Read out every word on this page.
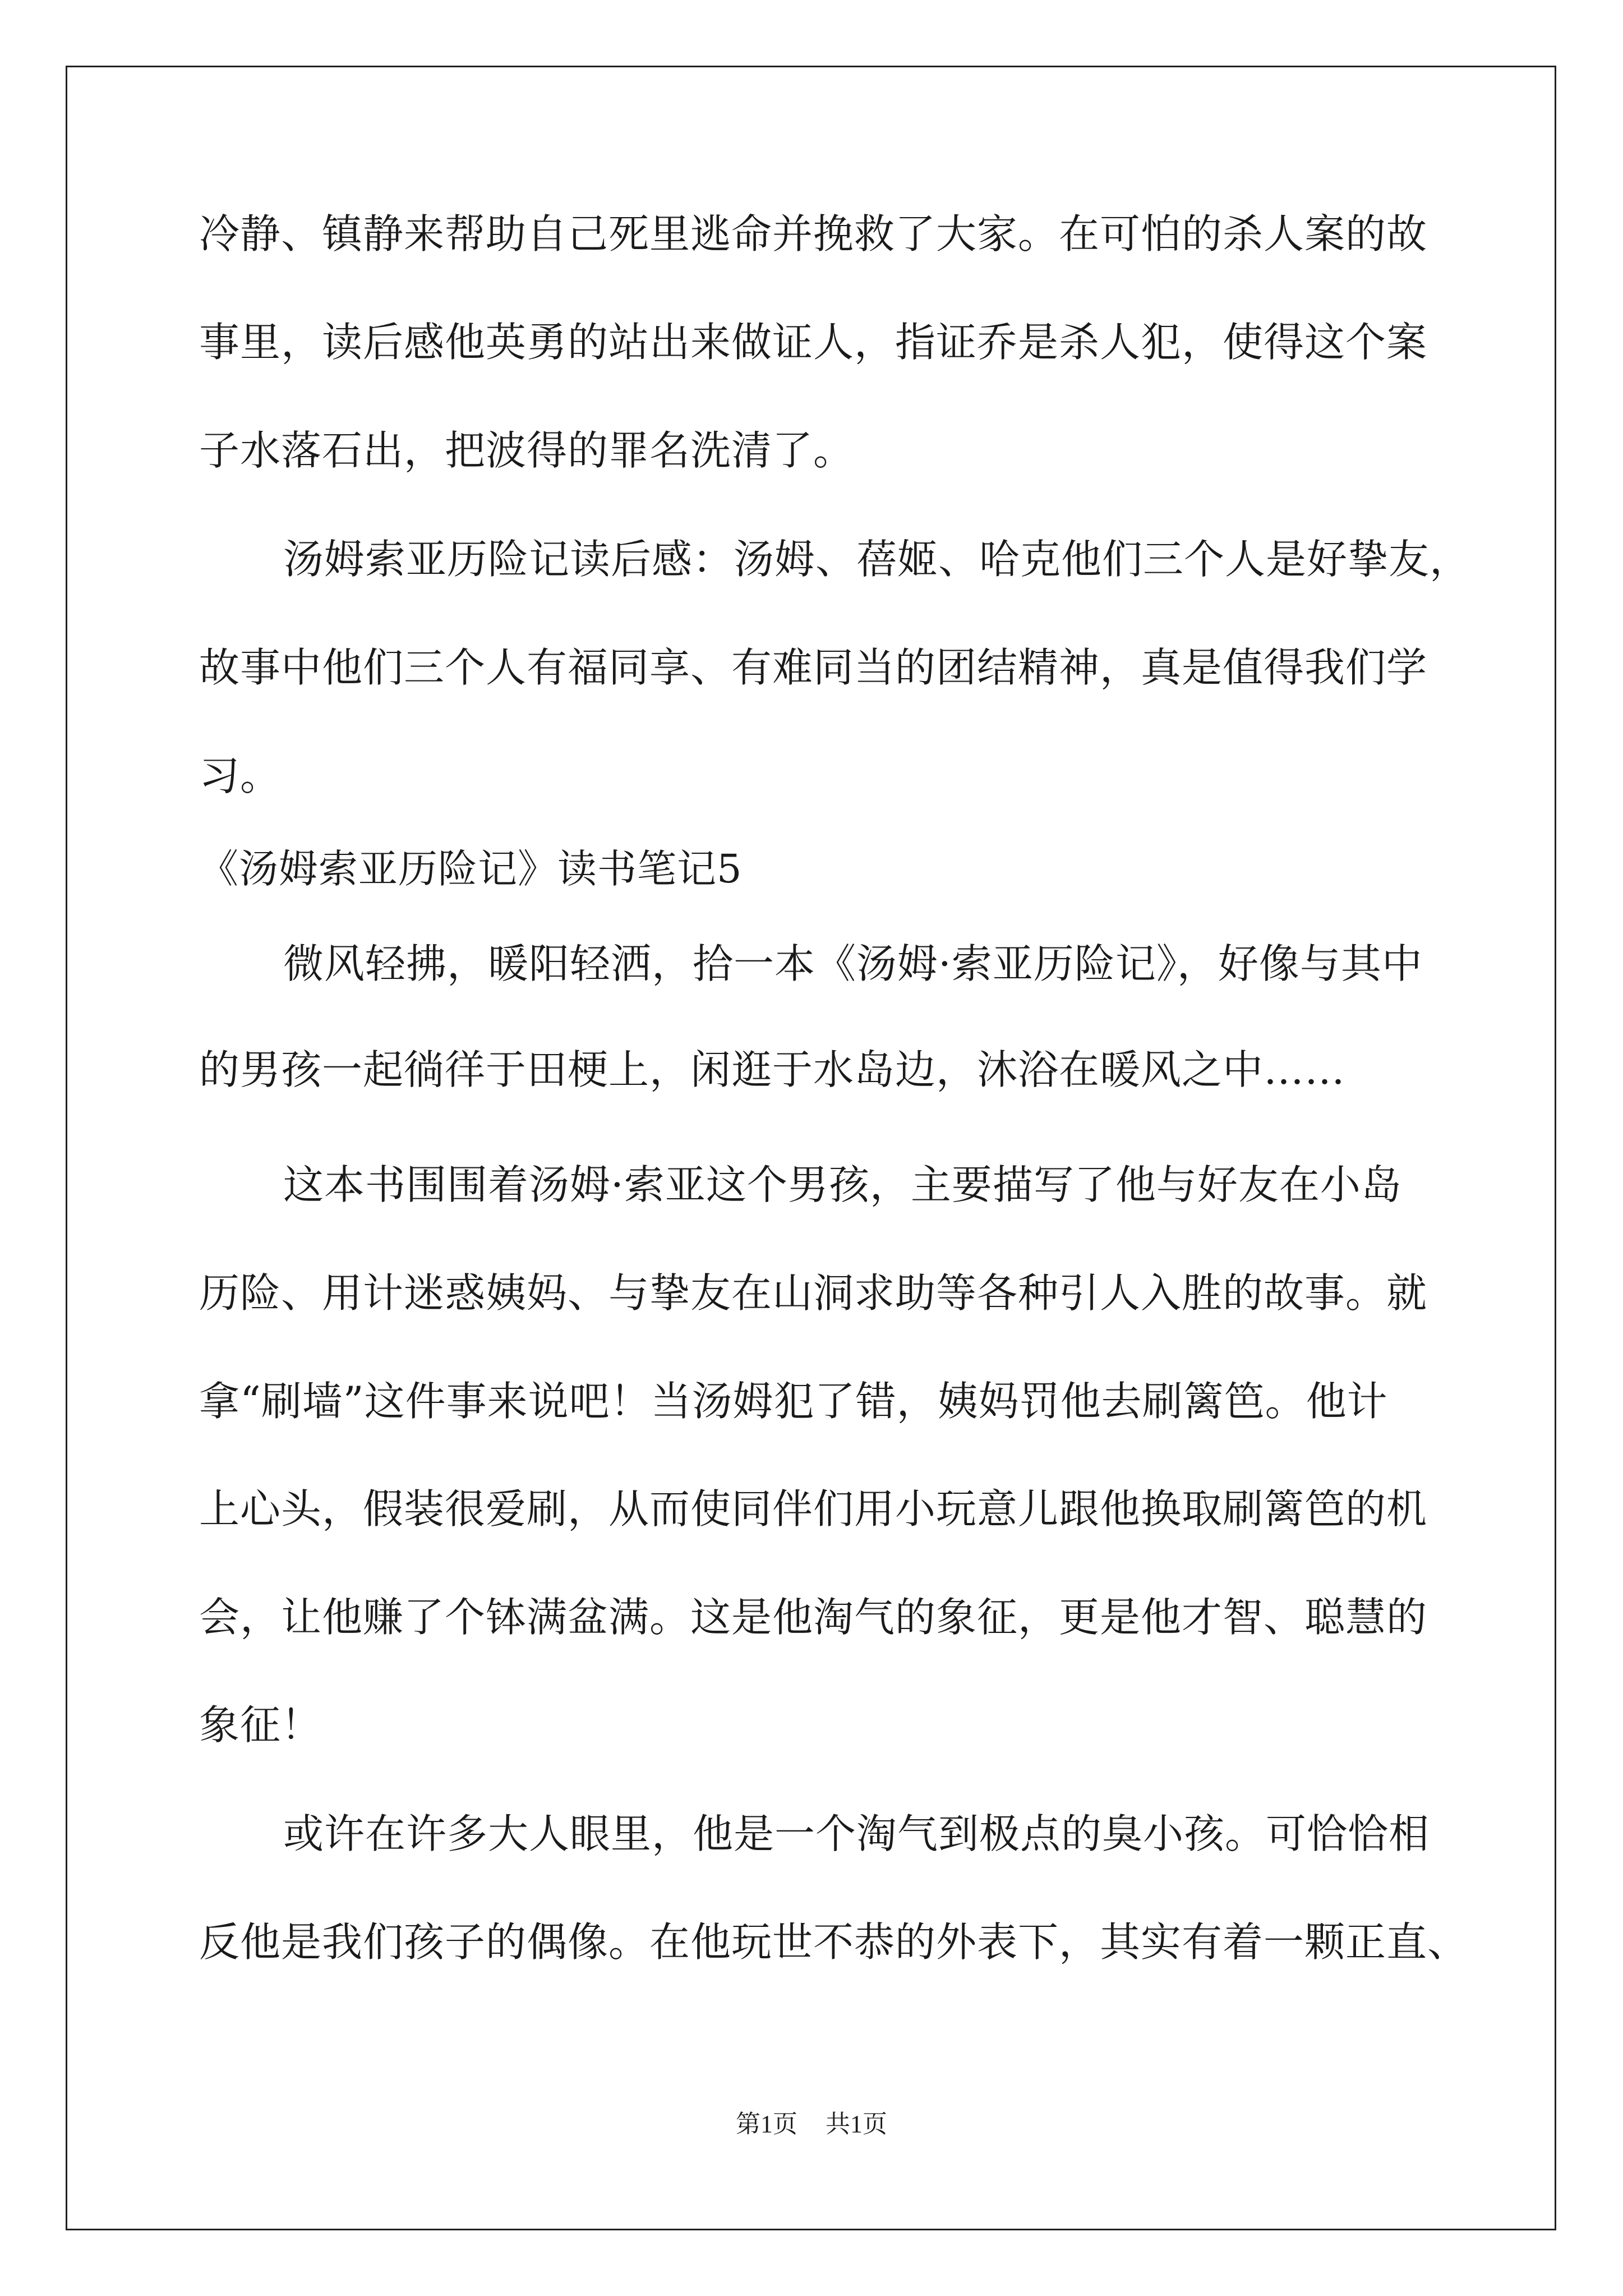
冷静、镇静来帮助自己死里逃命并挽救了大家。在可怕的杀人案的故
事里，读后感他英勇的站出来做证人，指证乔是杀人犯，使得这个案
子水落石出，把波得的罪名洗清了。
汤姆索亚历险记读后感：汤姆、蓓姬、哈克他们三个人是好挚友，
故事中他们三个人有福同享、有难同当的团结精神，真是值得我们学
习。
《汤姆索亚历险记》读书笔记5
微风轻拂，暖阳轻洒，拾一本《汤姆·索亚历险记》，好像与其中
的男孩一起徜徉于田梗上，闲逛于水岛边，沐浴在暖风之中……
这本书围围着汤姆·索亚这个男孩，主要描写了他与好友在小岛
历险、用计迷惑姨妈、与挚友在山洞求助等各种引人入胜的故事。就
拿“刷墙”这件事来说吧！当汤姆犯了错，姨妈罚他去刷篱笆。他计
上心头，假装很爱刷，从而使同伴们用小玩意儿跟他换取刷篱笆的机
会，让他赚了个钵满盆满。这是他淘气的象征，更是他才智、聪慧的
象征！
或许在许多大人眼里，他是一个淘气到极点的臭小孩。可恰恰相
反他是我们孩子的偶像。在他玩世不恭的外表下，其实有着一颗正直、
第1页 共1页
